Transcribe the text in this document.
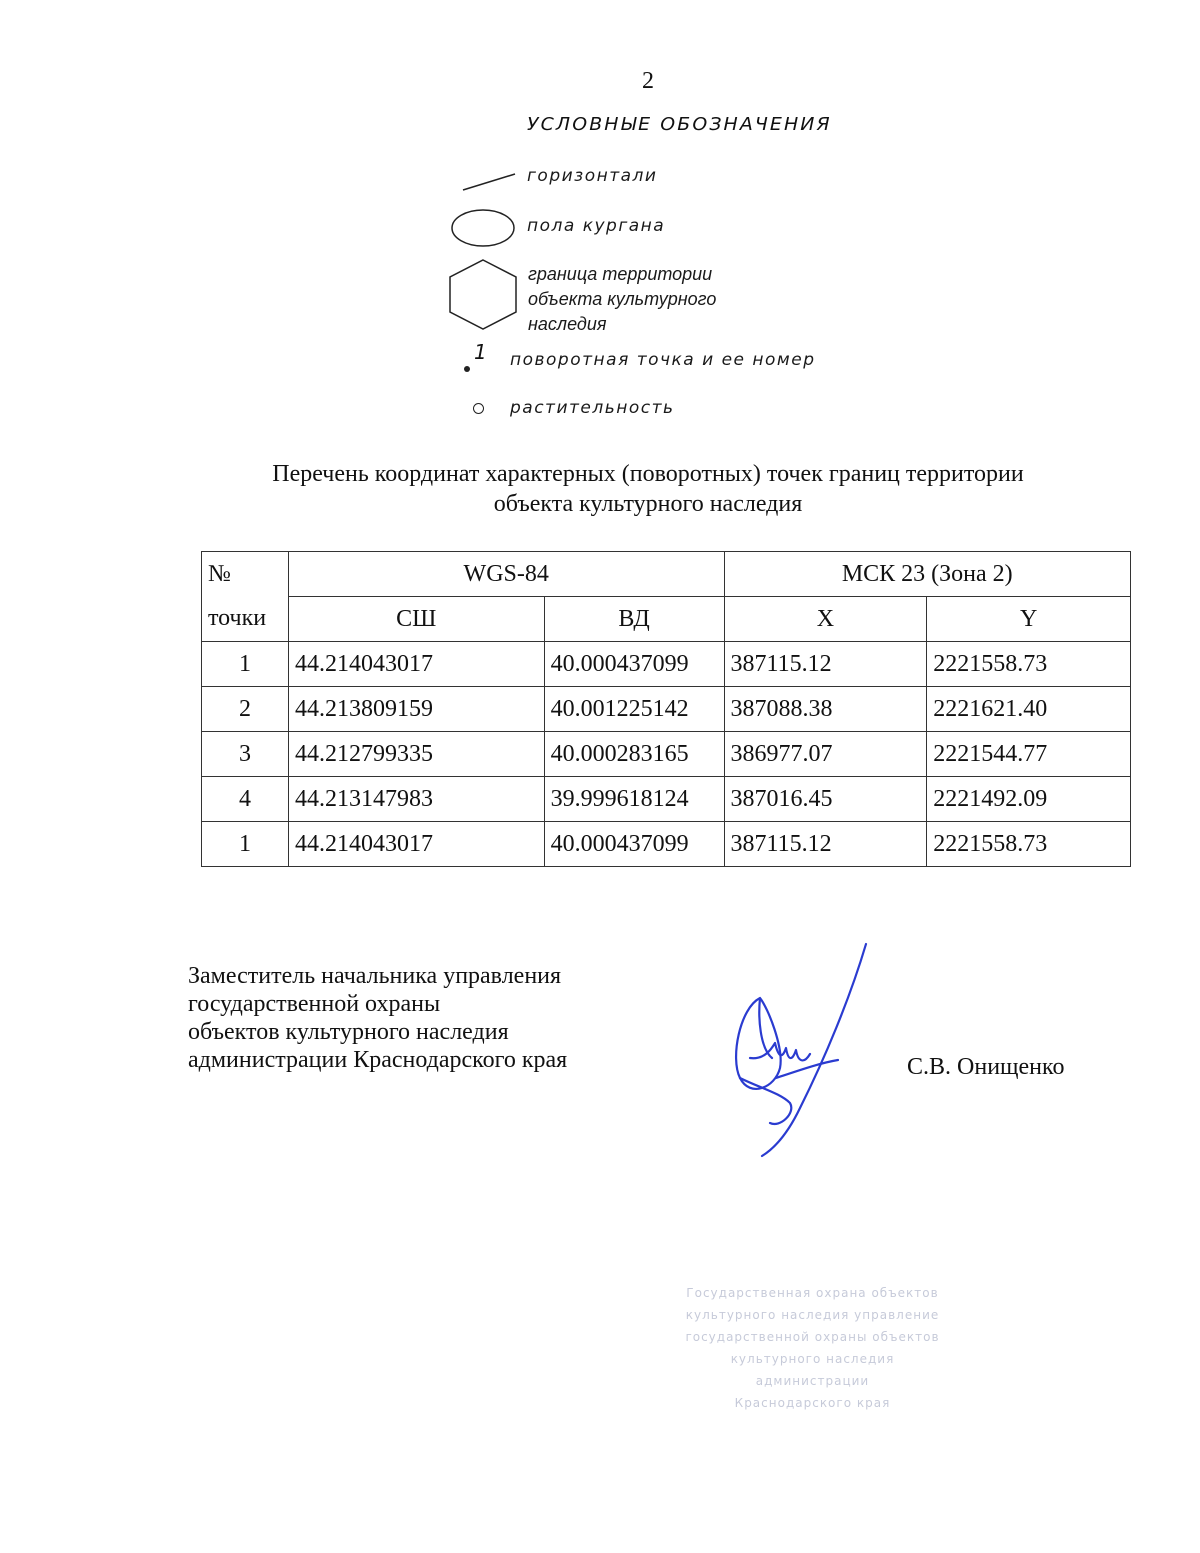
2
УСЛОВНЫЕ ОБОЗНАЧЕНИЯ
горизонтали
пола кургана
граница территории
объекта культурного
наследия
1 поворотная точка и ее номер
растительность
Перечень координат характерных (поворотных) точек границ территории
объекта культурного наследия
№	WGS-84		МСК 23 (Зона 2)	
точки	СШ	ВД	X	Y
1	44.214043017	40.000437099	387115.12	2221558.73
2	44.213809159	40.001225142	387088.38	2221621.40
3	44.212799335	40.000283165	386977.07	2221544.77
4	44.213147983	39.999618124	387016.45	2221492.09
1	44.214043017	40.000437099	387115.12	2221558.73
Заместитель начальника управления
государственной охраны
объектов культурного наследия
администрации Краснодарского края	С.В. Онищенко
Государственная охрана объектов
культурного наследия управление
государственной охраны объектов
культурного наследия
администрации
Краснодарского края
